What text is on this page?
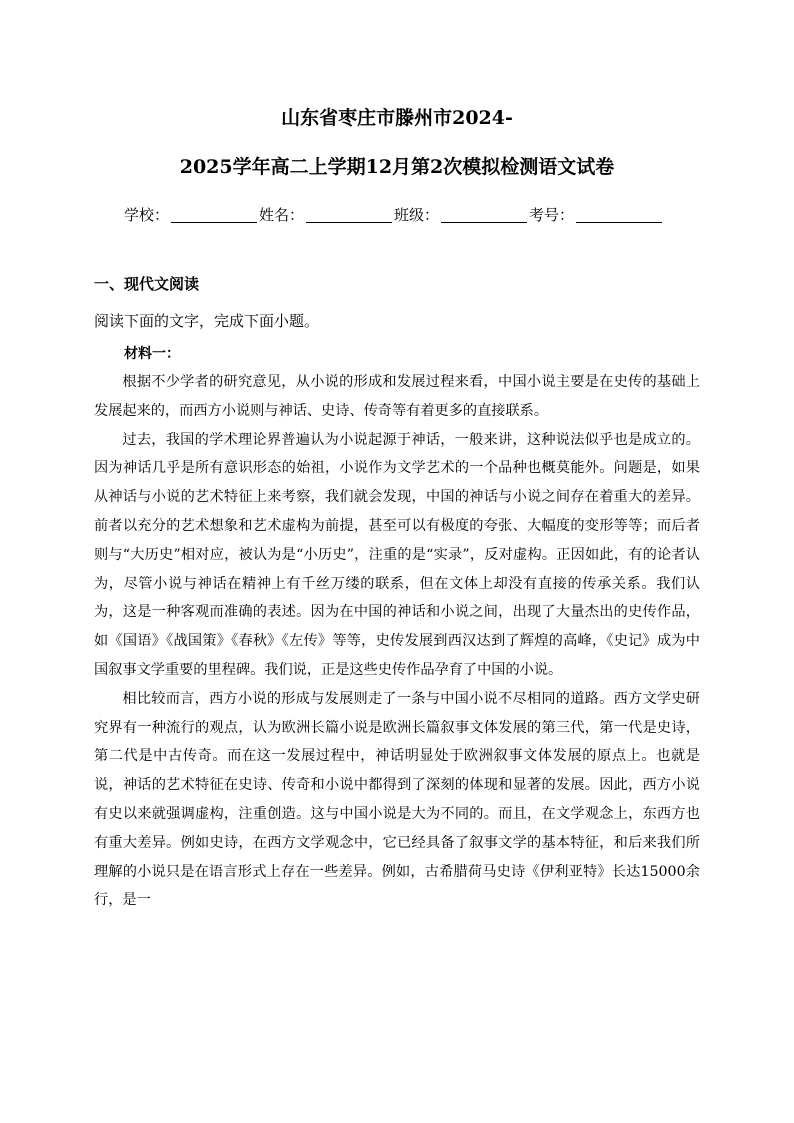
山东省枣庄市滕州市2024-
2025学年高二上学期12月第2次模拟检测语文试卷
学校：	姓名：	班级：	考号：
一、现代文阅读
阅读下面的文字，完成下面小题。
材料一：

根据不少学者的研究意见，从小说的形成和发展过程来看，中国小说主要是在史传的基础上发展起来的，而西方小说则与神话、史诗、传奇等有着更多的直接联系。

过去，我国的学术理论界普遍认为小说起源于神话，一般来讲，这种说法似乎也是成立的。因为神话几乎是所有意识形态的始祖，小说作为文学艺术的一个品种也概莫能外。问题是，如果从神话与小说的艺术特征上来考察，我们就会发现，中国的神话与小说之间存在着重大的差异。前者以充分的艺术想象和艺术虚构为前提，甚至可以有极度的夸张、大幅度的变形等等；而后者则与“大历史”相对应，被认为是“小历史”，注重的是“实录”，反对虚构。正因如此，有的论者认为，尽管小说与神话在精神上有千丝万缕的联系，但在文体上却没有直接的传承关系。我们认为，这是一种客观而准确的表述。因为在中国的神话和小说之间，出现了大量杰出的史传作品，如《国语》《战国策》《春秋》《左传》等等，史传发展到西汉达到了辉煌的高峰，《史记》成为中国叙事文学重要的里程碑。我们说，正是这些史传作品孕育了中国的小说。

相比较而言，西方小说的形成与发展则走了一条与中国小说不尽相同的道路。西方文学史研究界有一种流行的观点，认为欧洲长篇小说是欧洲长篇叙事文体发展的第三代，第一代是史诗，第二代是中古传奇。而在这一发展过程中，神话明显处于欧洲叙事文体发展的原点上。也就是说，神话的艺术特征在史诗、传奇和小说中都得到了深刻的体现和显著的发展。因此，西方小说有史以来就强调虚构，注重创造。这与中国小说是大为不同的。而且，在文学观念上，东西方也有重大差异。例如史诗，在西方文学观念中，它已经具备了叙事文学的基本特征，和后来我们所理解的小说只是在语言形式上存在一些差异。例如，古希腊荷马史诗《伊利亚特》长达15000余行，是一
